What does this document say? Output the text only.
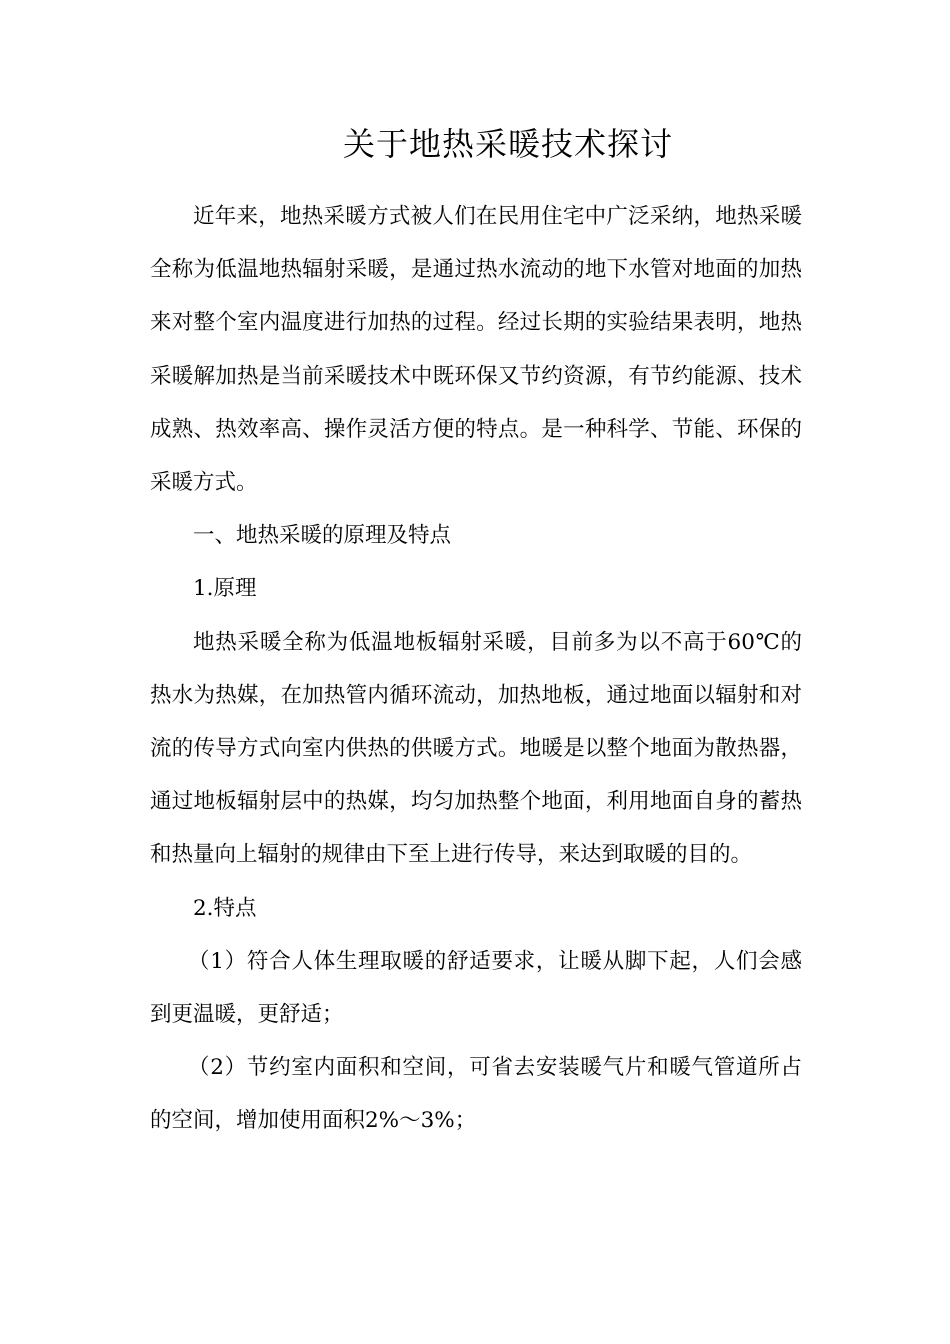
关于地热采暖技术探讨

近年来，地热采暖方式被人们在民用住宅中广泛采纳，地热采暖全称为低温地热辐射采暖，是通过热水流动的地下水管对地面的加热来对整个室内温度进行加热的过程。经过长期的实验结果表明，地热采暖解加热是当前采暖技术中既环保又节约资源，有节约能源、技术成熟、热效率高、操作灵活方便的特点。是一种科学、节能、环保的采暖方式。

一、地热采暖的原理及特点

1.原理

地热采暖全称为低温地板辐射采暖，目前多为以不高于60℃的热水为热媒，在加热管内循环流动，加热地板，通过地面以辐射和对流的传导方式向室内供热的供暖方式。地暖是以整个地面为散热器，通过地板辐射层中的热媒，均匀加热整个地面，利用地面自身的蓄热和热量向上辐射的规律由下至上进行传导，来达到取暖的目的。

2.特点

（1）符合人体生理取暖的舒适要求，让暖从脚下起，人们会感到更温暖，更舒适；

（2）节约室内面积和空间，可省去安装暖气片和暖气管道所占的空间，增加使用面积2%～3%；
